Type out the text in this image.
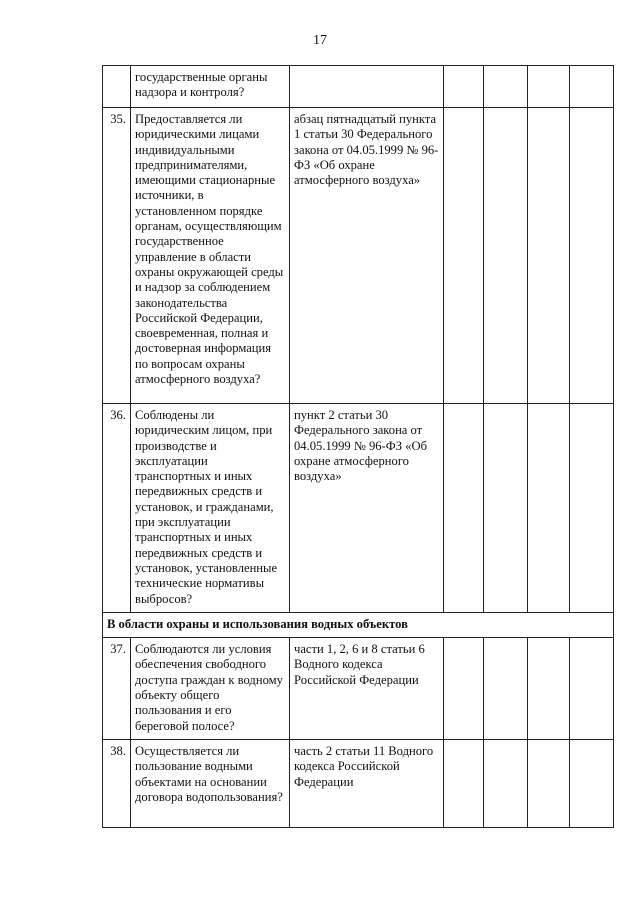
17
	государственные органы надзора и контроля?					
35.	Предоставляется ли юридическими лицами индивидуальными предпринимателями, имеющими стационарные источники, в установленном порядке органам, осуществляющим государственное управление в области охраны окружающей среды и надзор за соблюдением законодательства Российской Федерации, своевременная, полная и достоверная информация по вопросам охраны атмосферного воздуха?	абзац пятнадцатый пункта 1 статьи 30 Федерального закона от 04.05.1999 № 96-ФЗ «Об охране атмосферного воздуха»				
36.	Соблюдены ли юридическим лицом, при производстве и эксплуатации транспортных и иных передвижных средств и установок, и гражданами, при эксплуатации транспортных и иных передвижных средств и установок, установленные технические нормативы выбросов?	пункт 2 статьи 30 Федерального закона от 04.05.1999 № 96-ФЗ «Об охране атмосферного воздуха»				
В области охраны и использования водных объектов						
37.	Соблюдаются ли условия обеспечения свободного доступа граждан к водному объекту общего пользования и его береговой полосе?	части 1, 2, 6 и 8 статьи 6 Водного кодекса Российской Федерации				
38.	Осуществляется ли пользование водными объектами на основании договора водопользования?	часть 2 статьи 11 Водного кодекса Российской Федерации				
